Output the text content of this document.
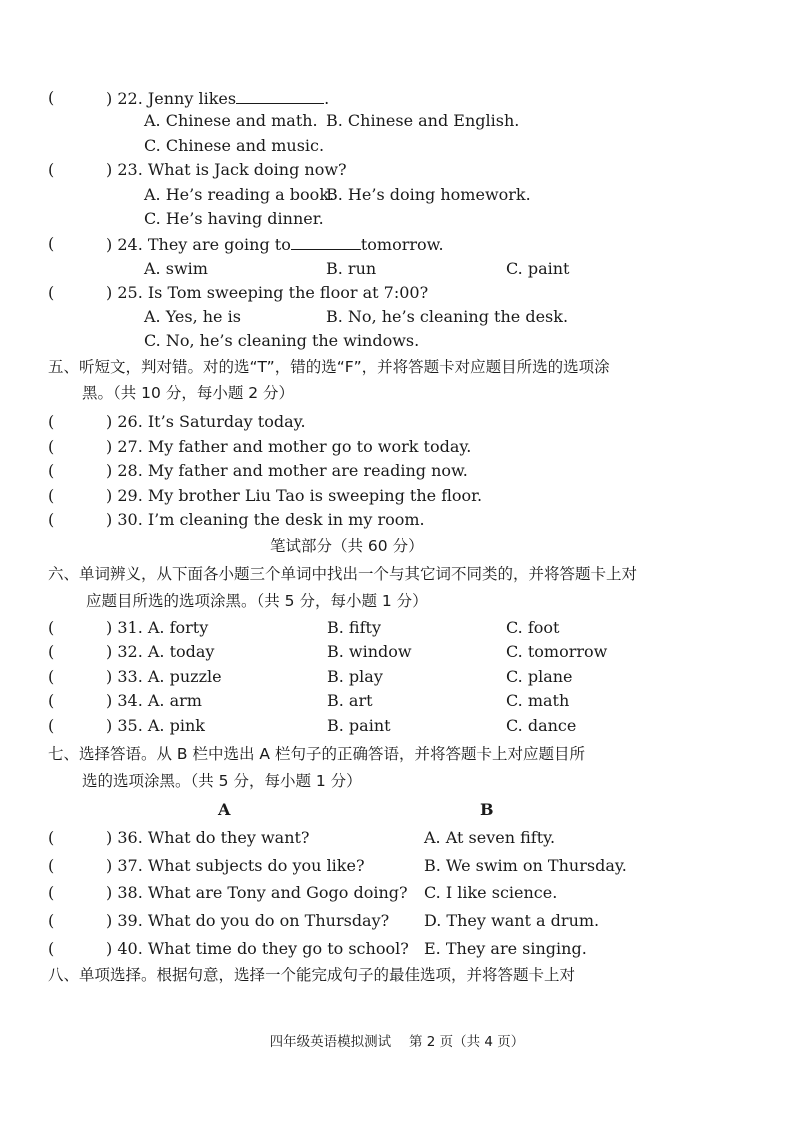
(	) 22. Jenny likes	.
A. Chinese and math. B. Chinese and English.
C. Chinese and music.
(	) 23. What is Jack doing now?
A. He’s reading a book.
B. He’s doing homework.
C. He’s having dinner.
(	) 24. They are going to	tomorrow.
A. swim	B. run	C. paint
(	) 25. Is Tom sweeping the floor at 7:00?
A. Yes, he is	B. No, he’s cleaning the desk.
C. No, he’s cleaning the windows.
五、听短文，判对错。对的选“T”，错的选“F”，并将答题卡对应题目所选的选项涂
黑。（共 10 分，每小题 2 分）
(	) 26. It’s Saturday today.
(	) 27. My father and mother go to work today.
(	) 28. My father and mother are reading now.
(	) 29. My brother Liu Tao is sweeping the floor.
(	) 30. I’m cleaning the desk in my room.
笔试部分（共 60 分）
六、单词辨义，从下面各小题三个单词中找出一个与其它词不同类的，并将答题卡上对
应题目所选的选项涂黑。（共 5 分，每小题 1 分）
(	) 31. A. forty	B. fifty	C. foot
(	) 32. A. today	B. window	C. tomorrow
(	) 33. A. puzzle	B. play	C. plane
(	) 34. A. arm	B. art	C. math
(	) 35. A. pink	B. paint	C. dance
七、选择答语。从 B 栏中选出 A 栏句子的正确答语，并将答题卡上对应题目所
选的选项涂黑。（共 5 分，每小题 1 分）
A	B
(	) 36. What do they want?	A. At seven fifty.
(	) 37. What subjects do you like?	B. We swim on Thursday.
(	) 38. What are Tony and Gogo doing? C. I like science.
(	) 39. What do you do on Thursday? D. They want a drum.
(	) 40. What time do they go to school? E. They are singing.
八、单项选择。根据句意，选择一个能完成句子的最佳选项，并将答题卡上对
四年级英语模拟测试　 第 2 页（共 4 页）
